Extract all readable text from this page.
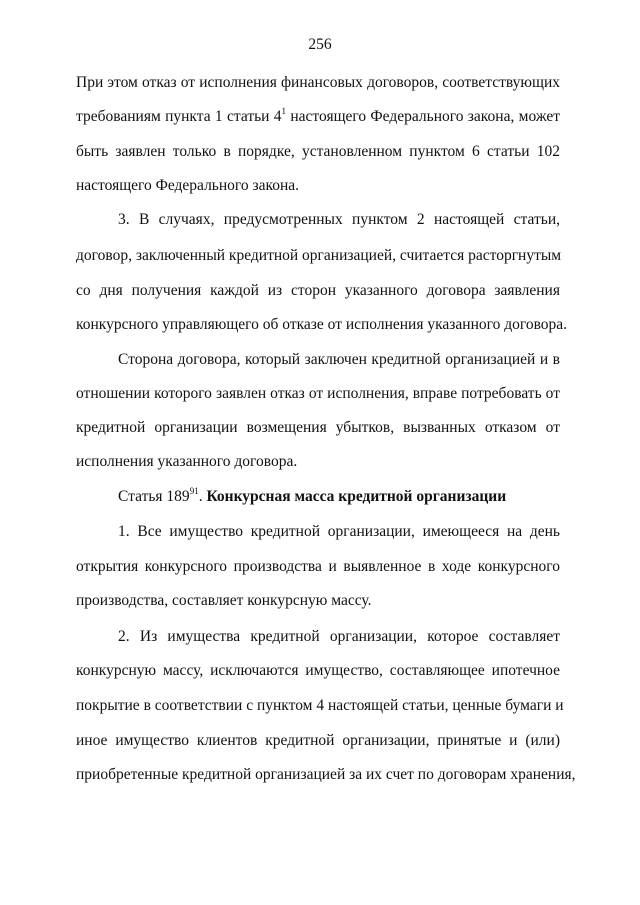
256
При этом отказ от исполнения финансовых договоров, соответствующих
требованиям пункта 1 статьи $4^1$ настоящего Федерального закона, может
быть заявлен только в порядке, установленном пунктом 6 статьи 102
настоящего Федерального закона.
3. В случаях, предусмотренных пунктом 2 настоящей статьи,
договор, заключенный кредитной организацией, считается расторгнутым
со дня получения каждой из сторон указанного договора заявления
конкурсного управляющего об отказе от исполнения указанного договора.
Сторона договора, который заключен кредитной организацией и в
отношении которого заявлен отказ от исполнения, вправе потребовать от
кредитной организации возмещения убытков, вызванных отказом от
исполнения указанного договора.
Статья $189^{91}$. Конкурсная масса кредитной организации
1. Все имущество кредитной организации, имеющееся на день
открытия конкурсного производства и выявленное в ходе конкурсного
производства, составляет конкурсную массу.
2. Из имущества кредитной организации, которое составляет
конкурсную массу, исключаются имущество, составляющее ипотечное
покрытие в соответствии с пунктом 4 настоящей статьи, ценные бумаги и
иное имущество клиентов кредитной организации, принятые и (или)
приобретенные кредитной организацией за их счет по договорам хранения,
